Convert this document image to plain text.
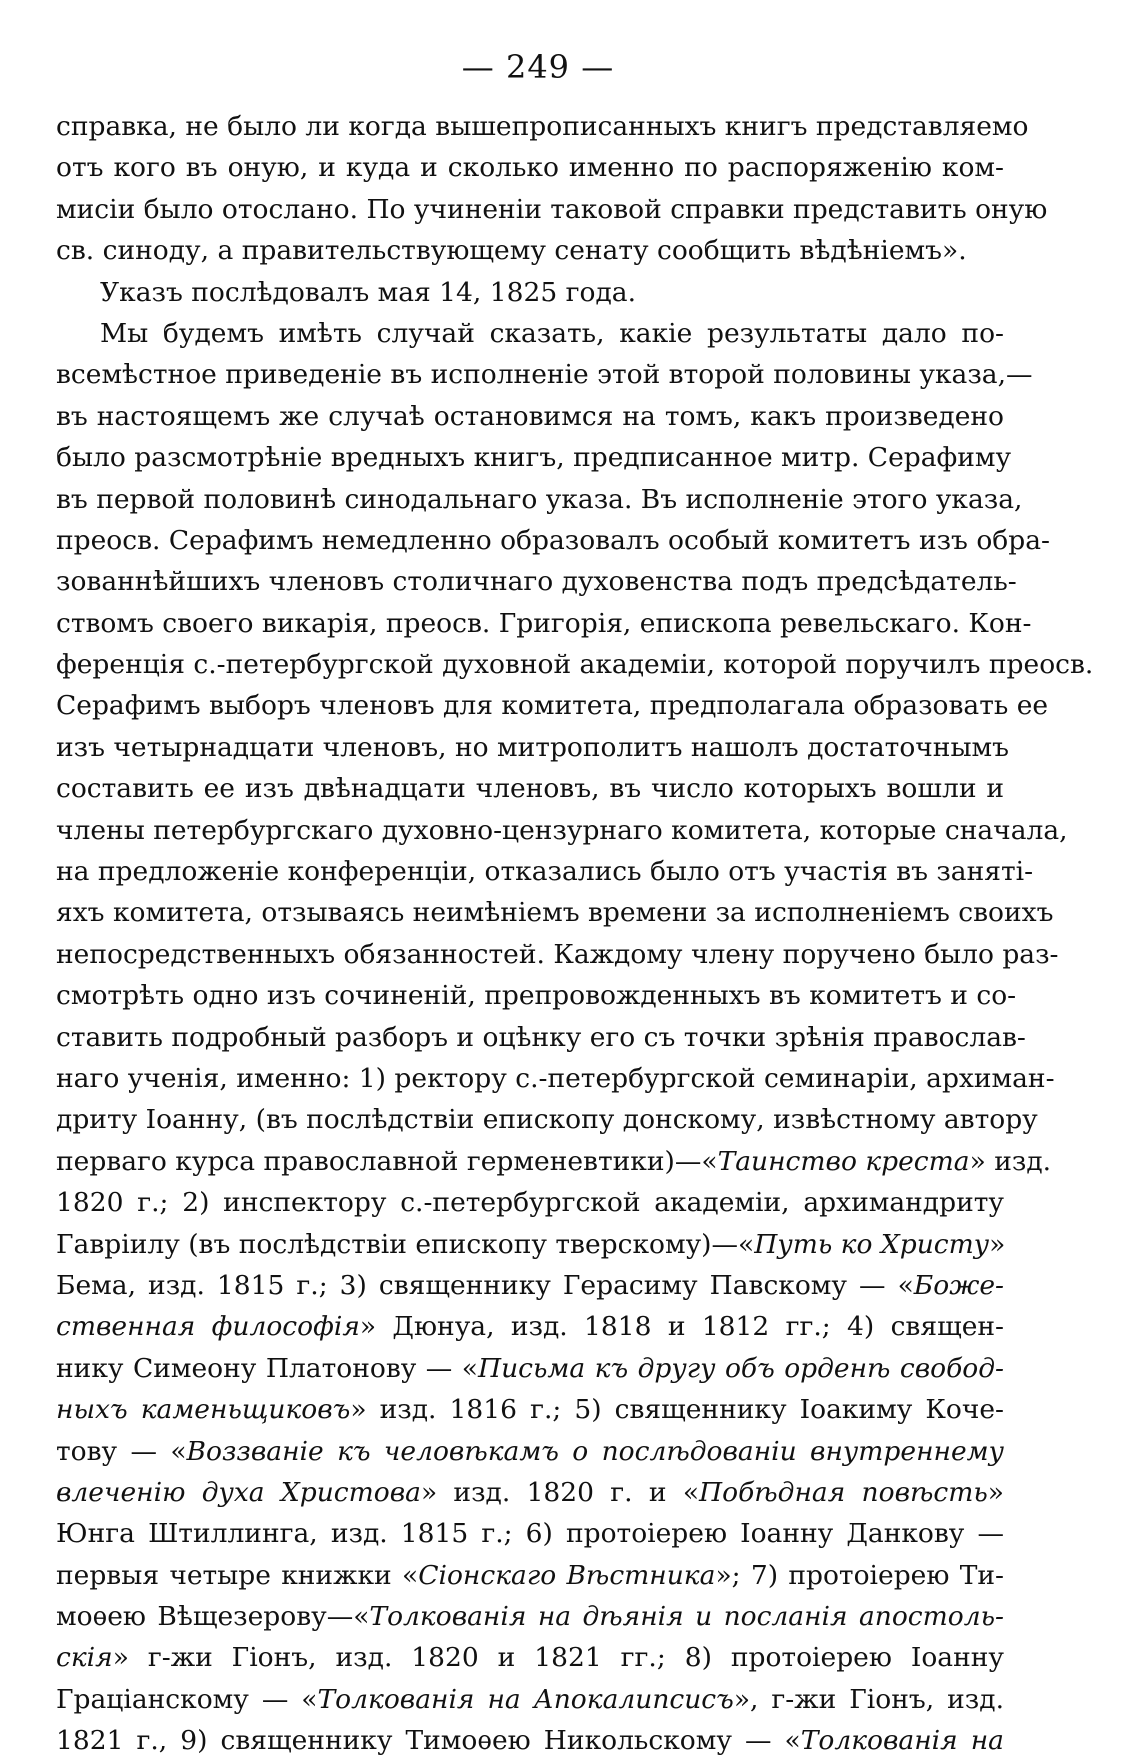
— 249 —
справка, не было ли когда вышепрописанныхъ книгъ представляемо
отъ кого въ оную, и куда и сколько именно по распоряженію ком-
мисіи было отослано. По учиненіи таковой справки представить оную
св. синоду, а правительствующему сенату сообщить вѣдѣніемъ».
Указъ послѣдовалъ мая 14, 1825 года.
Мы будемъ имѣть случай сказать, какіе результаты дало по-
всемѣстное приведеніе въ исполненіе этой второй половины указа,—
въ настоящемъ же случаѣ остановимся на томъ, какъ произведено
было разсмотрѣніе вредныхъ книгъ, предписанное митр. Серафиму
въ первой половинѣ синодальнаго указа. Въ исполненіе этого указа,
преосв. Серафимъ немедленно образовалъ особый комитетъ изъ обра-
зованнѣйшихъ членовъ столичнаго духовенства подъ предсѣдатель-
ствомъ своего викарія, преосв. Григорія, епископа ревельскаго. Кон-
ференція с.-петербургской духовной академіи, которой поручилъ преосв.
Серафимъ выборъ членовъ для комитета, предполагала образовать ее
изъ четырнадцати членовъ, но митрополитъ нашолъ достаточнымъ
составить ее изъ двѣнадцати членовъ, въ число которыхъ вошли и
члены петербургскаго духовно-цензурнаго комитета, которые сначала,
на предложеніе конференціи, отказались было отъ участія въ заняті-
яхъ комитета, отзываясь неимѣніемъ времени за исполненіемъ своихъ
непосредственныхъ обязанностей. Каждому члену поручено было раз-
смотрѣть одно изъ сочиненій, препровожденныхъ въ комитетъ и со-
ставить подробный разборъ и оцѣнку его съ точки зрѣнія православ-
наго ученія, именно: 1) ректору с.-петербургской семинаріи, архиман-
дриту Іоанну, (въ послѣдствіи епископу донскому, извѣстному автору
перваго курса православной герменевтики)—«Таинство креста» изд.
1820 г.; 2) инспектору с.-петербургской академіи, архимандриту
Гавріилу (въ послѣдствіи епископу тверскому)—«Путь ко Христу»
Бема, изд. 1815 г.; 3) священнику Герасиму Павскому — «Боже-
ственная философія» Дюнуа, изд. 1818 и 1812 гг.; 4) священ-
нику Симеону Платонову — «Письма къ другу объ орденѣ свобод-
ныхъ каменьщиковъ» изд. 1816 г.; 5) священнику Іоакиму Коче-
тову — «Воззваніе къ человѣкамъ о послѣдованіи внутреннему
влеченію духа Христова» изд. 1820 г. и «Побѣдная повѣсть»
Юнга Штиллинга, изд. 1815 г.; 6) протоіерею Іоанну Данкову —
первыя четыре книжки «Сіонскаго Вѣстника»; 7) протоіерею Ти-
моѳею Вѣщезерову—«Толкованія на дѣянія и посланія апостоль-
скія» г-жи Гіонъ, изд. 1820 и 1821 гг.; 8) протоіерею Іоанну
Граціанскому — «Толкованія на Апокалипсисъ», г-жи Гіонъ, изд.
1821 г., 9) священнику Тимоѳею Никольскому — «Толкованія на
